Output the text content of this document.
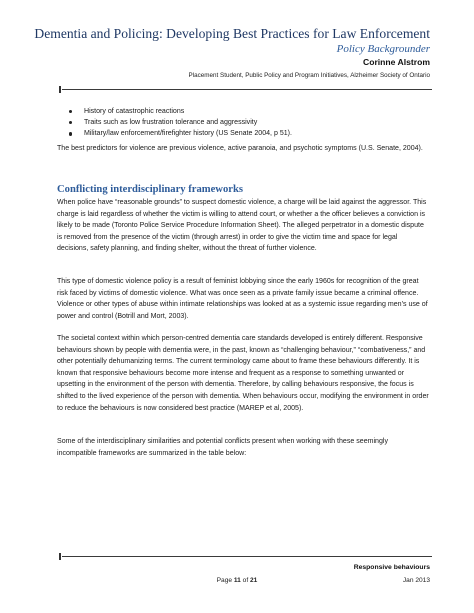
Dementia and Policing: Developing Best Practices for Law Enforcement
Policy Backgrounder
Corinne Alstrom
Placement Student, Public Policy and Program Initiatives, Alzheimer Society of Ontario
History of catastrophic reactions
Traits such as low frustration tolerance and aggressivity
Military/law enforcement/firefighter history (US Senate 2004, p 51).

The best predictors for violence are previous violence, active paranoia, and psychotic symptoms (U.S. Senate, 2004).

Conflicting interdisciplinary frameworks

When police have “reasonable grounds” to suspect domestic violence, a charge will be laid against the aggressor. This charge is laid regardless of whether the victim is willing to attend court, or whether a the officer believes a conviction is likely to be made (Toronto Police Service Procedure Information Sheet). The alleged perpetrator in a domestic dispute is removed from the presence of the victim (through arrest) in order to give the victim time and space for legal decisions, safety planning, and finding shelter, without the threat of further violence.

This type of domestic violence policy is a result of feminist lobbying since the early 1960s for recognition of the great risk faced by victims of domestic violence. What was once seen as a private family issue became a criminal offence. Violence or other types of abuse within intimate relationships was looked at as a systemic issue regarding men’s use of power and control (Botrill and Mort, 2003).

The societal context within which person-centred dementia care standards developed is entirely different. Responsive behaviours shown by people with dementia were, in the past, known as “challenging behaviour,” “combativeness,” and other potentially dehumanizing terms. The current terminology came about to frame these behaviours differently. It is known that responsive behaviours become more intense and frequent as a response to something unwanted or upsetting in the environment of the person with dementia. Therefore, by calling behaviours responsive, the focus is shifted to the lived experience of the person with dementia. When behaviours occur, modifying the environment in order to reduce the behaviours is now considered best practice (MAREP et al, 2005).

Some of the interdisciplinary similarities and potential conflicts present when working with these seemingly incompatible frameworks are summarized in the table below:

Responsive behaviours
Page 11 of 21	Jan 2013
